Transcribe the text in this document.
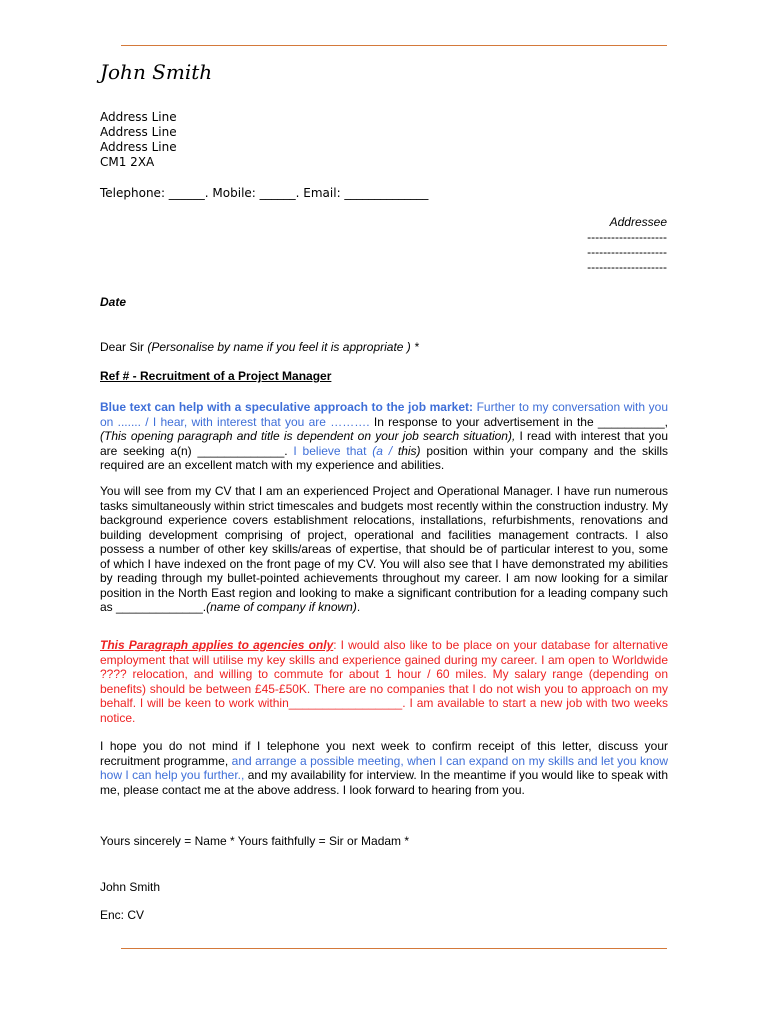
John Smith
Address Line
Address Line
Address Line
CM1 2XA
Telephone: ______. Mobile: ______. Email: ______________
Addressee
--------------------
--------------------
--------------------
Date
Dear Sir (Personalise by name if you feel it is appropriate ) *
Ref # - Recruitment of a Project Manager

Blue text can help with a speculative approach to the job market: Further to my conversation with you on ....... / I hear, with interest that you are ………. In response to your advertisement in the __________, (This opening paragraph and title is dependent on your job search situation), I read with interest that you are seeking a(n) _____________. I believe that (a / this) position within your company and the skills required are an excellent match with my experience and abilities.

You will see from my CV that I am an experienced Project and Operational Manager. I have run numerous tasks simultaneously within strict timescales and budgets most recently within the construction industry. My background experience covers establishment relocations, installations, refurbishments, renovations and building development comprising of project, operational and facilities management contracts. I also possess a number of other key skills/areas of expertise, that should be of particular interest to you, some of which I have indexed on the front page of my CV. You will also see that I have demonstrated my abilities by reading through my bullet-pointed achievements throughout my career. I am now looking for a similar position in the North East region and looking to make a significant contribution for a leading company such as _____________.(name of company if known).

This Paragraph applies to agencies only: I would also like to be place on your database for alternative employment that will utilise my key skills and experience gained during my career. I am open to Worldwide ???? relocation, and willing to commute for about 1 hour / 60 miles. My salary range (depending on benefits) should be between £45-£50K. There are no companies that I do not wish you to approach on my behalf. I will be keen to work within_________________. I am available to start a new job with two weeks notice.

I hope you do not mind if I telephone you next week to confirm receipt of this letter, discuss your recruitment programme, and arrange a possible meeting, when I can expand on my skills and let you know how I can help you further., and my availability for interview. In the meantime if you would like to speak with me, please contact me at the above address. I look forward to hearing from you.

Yours sincerely = Name * Yours faithfully = Sir or Madam *
John Smith
Enc: CV
